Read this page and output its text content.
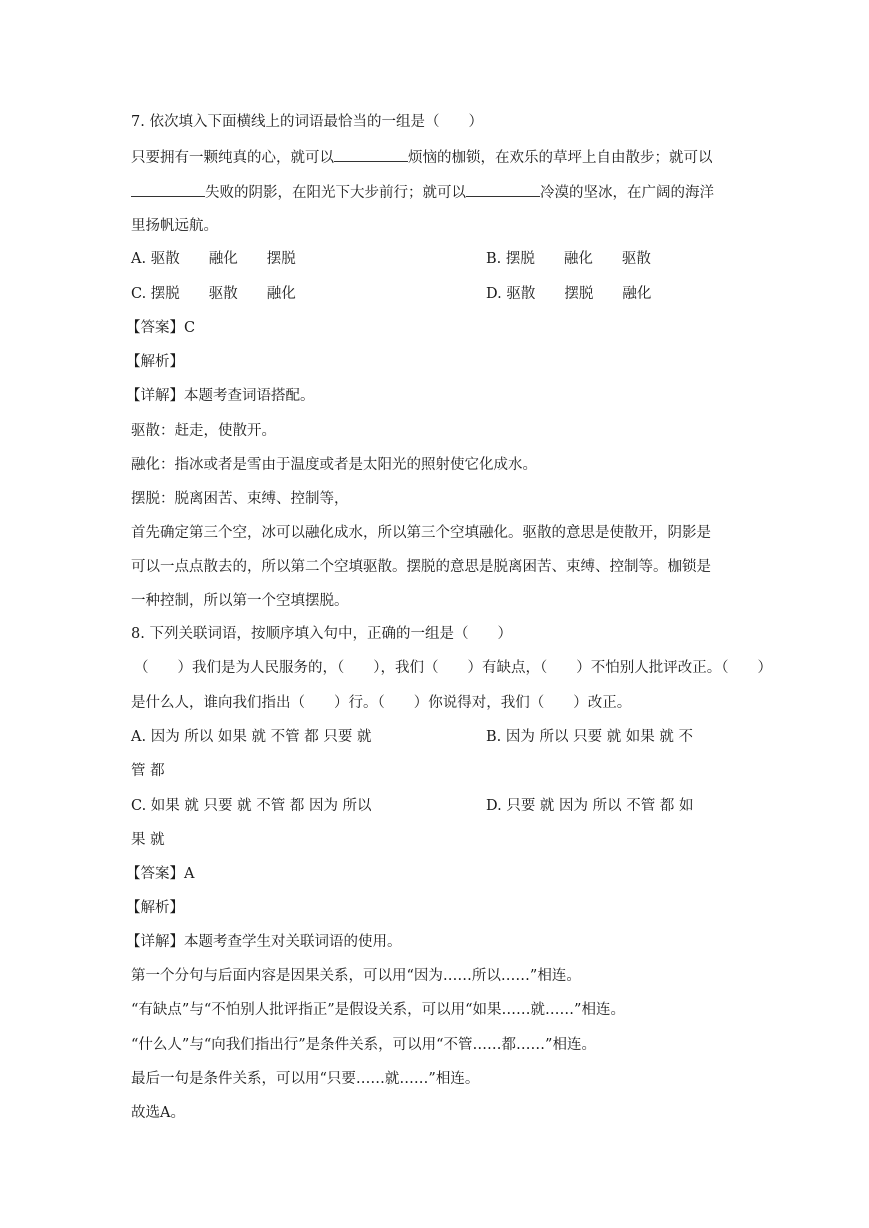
7. 依次填入下面横线上的词语最恰当的一组是（　　）
只要拥有一颗纯真的心，就可以	烦恼的枷锁，在欢乐的草坪上自由散步；就可以
失败的阴影，在阳光下大步前行；就可以	冷漠的坚冰，在广阔的海洋
里扬帆远航。
A. 驱散　　融化　　摆脱	B. 摆脱　　融化　　驱散
C. 摆脱　　驱散　　融化	D. 驱散　　摆脱　　融化
【答案】C
【解析】
【详解】本题考查词语搭配。
驱散：赶走，使散开。
融化：指冰或者是雪由于温度或者是太阳光的照射使它化成水。
摆脱：脱离困苦、束缚、控制等，
首先确定第三个空，冰可以融化成水，所以第三个空填融化。驱散的意思是使散开，阴影是
可以一点点散去的，所以第二个空填驱散。摆脱的意思是脱离困苦、束缚、控制等。枷锁是
一种控制，所以第一个空填摆脱。
8. 下列关联词语，按顺序填入句中，正确的一组是（　　）
（　　）我们是为人民服务的，（　　），我们（　　）有缺点，（　　）不怕别人批评改正。（　　）
是什么人，谁向我们指出（　　）行。（　　）你说得对，我们（　　）改正。
A. 因为 所以 如果 就 不管 都 只要 就	B. 因为 所以 只要 就 如果 就 不
管 都
C. 如果 就 只要 就 不管 都 因为 所以	D. 只要 就 因为 所以 不管 都 如
果 就
【答案】A
【解析】
【详解】本题考查学生对关联词语的使用。
第一个分句与后面内容是因果关系，可以用“因为……所以……”相连。
“有缺点”与“不怕别人批评指正”是假设关系，可以用“如果……就……”相连。
“什么人”与“向我们指出行”是条件关系，可以用“不管……都……”相连。
最后一句是条件关系，可以用“只要……就……”相连。
故选A。
